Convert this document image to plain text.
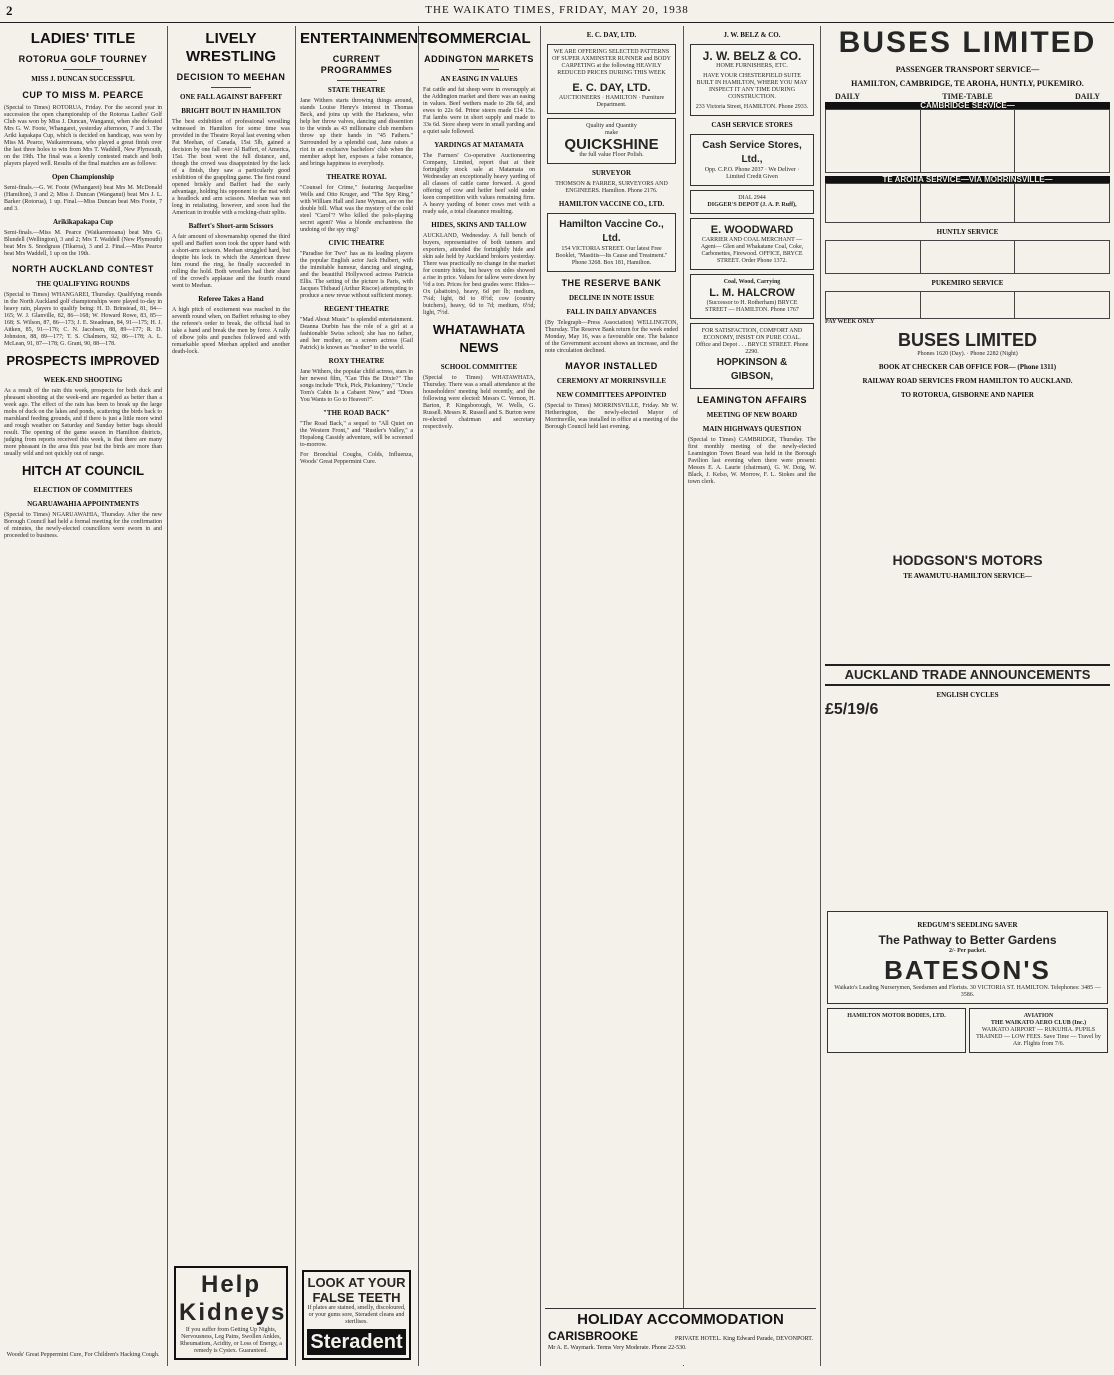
2	THE WAIKATO TIMES, FRIDAY, MAY 20, 1938
LADIES' TITLE
ROTORUA GOLF TOURNEY
MISS J. DUNCAN SUCCESSFUL
CUP TO MISS M. PEARCE
(Special to Times) ROTORUA, Friday. For the second year in succession the open championship of the Rotorua Ladies' Golf Club was won by Miss J. Duncan, Wanganui, when she defeated Mrs G. W. Foote, Whangarei, yesterday afternoon, 7 and 3. The Ariki kapakapa Cup, which is decided on handicap, was won by Miss M. Pearce, Waikaremoana, who played a great finish over the last three holes to win from Mrs T. Waddell, New Plymouth, on the 19th. The final was a keenly contested match and both players played well. Results of the final matches are as follows:
Open Championship
Semi-finals.—G. W. Foote (Whangarei) beat Mrs M. McDonald (Hamilton), 3 and 2; Miss J. Duncan (Wanganui) beat Mrs J. L. Barker (Rotorua), 1 up. Final.—Miss Duncan beat Mrs Foote, 7 and 3.
Arikikapakapa Cup
Semi-finals.—Miss M. Pearce (Waikaremoana) beat Mrs G. Blundell (Wellington), 3 and 2; Mrs T. Waddell (New Plymouth) beat Mrs S. Snodgrass (Tikaroa), 3 and 2. Final.—Miss Pearce beat Mrs Waddell, 1 up on the 19th.
NORTH AUCKLAND CONTEST
THE QUALIFYING ROUNDS
(Special to Times) WHANGAREI, Thursday. Qualifying rounds in the North Auckland golf championships were played to-day in heavy rain, players to qualify being: H. D. Brinstead, 81, 84—165; W. J. Glanville, 82, 86—168; W. Howard Rowe, 83, 85—168; S. Wilson, 87, 86—173; J. E. Steadman, 84, 91—175; H. J. Aitken, 85, 91—176; C. N. Jacobsen, 88, 89—177; R. D. Johnston, 88, 89—177; T. S. Chalmers, 92, 86—178; A. L. McLean, 91, 87—178; G. Grant, 90, 88—178.
PROSPECTS IMPROVED
WEEK-END SHOOTING
As a result of the rain this week, prospects for both duck and pheasant shooting at the week-end are regarded as better than a week ago. The effect of the rain has been to break up the large mobs of duck on the lakes and ponds, scattering the birds back to marshland feeding grounds, and if there is just a little more wind and rough weather on Saturday and Sunday better bags should result. The opening of the game season in Hamilton districts, judging from reports received this week, is that there are many more pheasant in the area this year but the birds are more than usually wild and not quickly out of range.
HITCH AT COUNCIL
ELECTION OF COMMITTEES
NGARUAWAHIA APPOINTMENTS
(Special to Times) NGARUAWAHIA, Thursday. After the new Borough Council had held a formal meeting for the confirmation of minutes, the newly-elected councillors were sworn in and proceeded to business.
Woods' Great Peppermint Cure, For Children's Hacking Cough.
LIVELY WRESTLING
DECISION TO MEEHAN
ONE FALL AGAINST BAFFERT
BRIGHT BOUT IN HAMILTON
The best exhibition of professional wrestling witnessed in Hamilton for some time was provided in the Theatre Royal last evening when Pat Meehan, of Canada, 15st 5lb, gained a decision by one fall over Al Baffert, of America, 15st. The bout went the full distance, and, though the crowd was disappointed by the lack of a finish, they saw a particularly good exhibition of the grappling game. The first round opened briskly and Baffert had the early advantage, holding his opponent to the mat with a headlock and arm scissors. Meehan was not long in retaliating, however, and soon had the American in trouble with a rocking-chair splits.
Baffert's Short-arm Scissors
A fair amount of showmanship opened the third spell and Baffert soon took the upper hand with a short-arm scissors. Meehan struggled hard, but despite his lock in which the American threw him round the ring, he finally succeeded in rolling the hold. Both wrestlers had their share of the crowd's applause and the fourth round went to Meehan.
Referee Takes a Hand
A high pitch of excitement was reached in the seventh round when, on Baffert refusing to obey the referee's order to break, the official had to take a hand and break the men by force. A rally of elbow jolts and punches followed and with remarkable speed Meehan applied and another death-lock.
Help Kidneys
If you suffer from Getting Up Nights, Nervousness, Leg Pains, Swollen Ankles, Rheumatism, Acidity, or Loss of Energy, a remedy is Cystex. Guaranteed.
ENTERTAINMENTS
CURRENT PROGRAMMES
STATE THEATRE
Jane Withers starts throwing things around, stands Louise Henry's interest in Thomas Beck, and joins up with the Harkness, who help her throw valves, dancing and dissention to the winds as 43 millionaire club members throw up their hands in "45 Fathers." Surrounded by a splendid cast, Jane raises a riot in an exclusive bachelors' club when the member adopt her, exposes a false romance, and brings happiness to everybody.
THEATRE ROYAL
"Counsel for Crime," featuring Jacqueline Wells and Otto Kruger, and "The Spy Ring," with William Hall and Jane Wyman, are on the double bill. What was the mystery of the cold steel "Carol"? Who killed the polo-playing secret agent? Was a blonde enchantress the undoing of the spy ring?
CIVIC THEATRE
"Paradise for Two" has as its leading players the popular English actor Jack Hulbert, with the inimitable humour, dancing and singing, and the beautiful Hollywood actress Patricia Ellis. The setting of the picture is Paris, with Jacques Thibaud (Arthur Riscoe) attempting to produce a new revue without sufficient money.
REGENT THEATRE
"Mad About Music" is splendid entertainment. Deanna Durbin has the role of a girl at a fashionable Swiss school; she has no father, and her mother, on a screen actress (Gail Patrick) is known as "mother" to the world.
ROXY THEATRE
Jane Withers, the popular child actress, stars in her newest film, "Can This Be Dixie?" The songs include "Pick, Pick, Pickaninny," "Uncle Tom's Cabin Is a Cabaret Now," and "Does You Wants to Go to Heaven?".
"THE ROAD BACK"
"The Road Back," a sequel to "All Quiet on the Western Front," and "Rustler's Valley," a Hopalong Cassidy adventure, will be screened to-morrow.
For Bronchial Coughs, Colds, Influenza, Woods' Great Peppermint Cure.
LOOK AT YOUR FALSE TEETH
If plates are stained, smelly, discoloured, or your gums sore, Steradent cleans and sterilises.
Steradent
COMMERCIAL
ADDINGTON MARKETS
AN EASING IN VALUES
Fat cattle and fat sheep were in oversupply at the Addington market and there was an easing in values. Beef wethers made to 28s 6d, and ewes to 22s 6d. Prime steers made £14 15s. Fat lambs were in short supply and made to 33s 6d. Store sheep were in small yarding and a quiet sale followed.
YARDINGS AT MATAMATA
The Farmers' Co-operative Auctioneering Company, Limited, report that at their fortnightly stock sale at Matamata on Wednesday an exceptionally heavy yarding of all classes of cattle came forward. A good offering of cow and heifer beef sold under keen competition with values remaining firm. A heavy yarding of boner cows met with a ready sale, a total clearance resulting.
HIDES, SKINS AND TALLOW
AUCKLAND, Wednesday. A full bench of buyers, representative of both tanners and exporters, attended the fortnightly hide and skin sale held by Auckland brokers yesterday. There was practically no change in the market for country hides, but heavy ox sides showed a rise in price. Values for tallow were down by ½d a ton. Prices for best grades were: Hides—Ox (abattoirs), heavy, 6d per lb; medium, 7¼d; light, 8d to 8½d; cow (country butchers), heavy, 6d to 7d; medium, 6½d; light, 7½d.
WHATAWHATA NEWS
SCHOOL COMMITTEE
(Special to Times) WHATAWHATA, Thursday. There was a small attendance at the householders' meeting held recently, and the following were elected: Messrs C. Vernon, H. Barton, P. Kingsborough, W. Wells, G. Russell. Messrs R. Russell and S. Burton were re-elected chairman and secretary respectively.
E. C. DAY, LTD.
WE ARE OFFERING SELECTED PATTERNS OF SUPER AXMINSTER RUNNER and BODY CARPETING at the following HEAVILY REDUCED PRICES DURING THIS WEEK
E. C. DAY, LTD.
AUCTIONEERS · HAMILTON · Furniture Department.
Quality and Quantity
make
QUICKSHINE
the full value Floor Polish.
SURVEYOR
THOMSON & FARRER, SURVEYORS AND ENGINEERS. Hamilton. Phone 2176.
HAMILTON VACCINE CO., LTD.
Hamilton Vaccine Co., Ltd.
154 VICTORIA STREET. Our latest Free Booklet, "Mastitis—Its Cause and Treatment." Phone 3268. Box 181, Hamilton.
THE RESERVE BANK
DECLINE IN NOTE ISSUE
FALL IN DAILY ADVANCES
(By Telegraph—Press Association) WELLINGTON, Thursday. The Reserve Bank return for the week ended Monday, May 16, was a favourable one. The balance of the Government account shows an increase, and the note circulation declined.
MAYOR INSTALLED
CEREMONY AT MORRINSVILLE
NEW COMMITTEES APPOINTED
(Special to Times) MORRINSVILLE, Friday. Mr W. Hetherington, the newly-elected Mayor of Morrinsville, was installed in office at a meeting of the Borough Council held last evening.
J. W. BELZ & CO.
J. W. BELZ & CO.
HOME FURNISHERS, ETC.
HAVE YOUR CHESTERFIELD SUITE BUILT IN HAMILTON, WHERE YOU MAY INSPECT IT ANY TIME DURING CONSTRUCTION.
233 Victoria Street, HAMILTON. Phone 2933.
CASH SERVICE STORES
Cash Service Stores, Ltd.,
Opp. C.P.O. Phone 2037 · We Deliver · Limited Credit Given
DIAL 2944
DIGGER'S DEPOT (J. A. P. Ruff),
E. WOODWARD
CARRIER AND COAL MERCHANT —Agent— Glen and Whakatane Coal, Coke, Carbonettes, Firewood. OFFICE, BRYCE STREET. Order Phone 1372.
Coal, Wood, Carrying
L. M. HALCROW
(Successor to H. Rotherham) BRYCE STREET — HAMILTON. Phone 1767
FOR SATISFACTION, COMFORT AND ECONOMY, INSIST ON PURE COAL. Office and Depot . . . BRYCE STREET. Phone 2290.
HOPKINSON & GIBSON,
LEAMINGTON AFFAIRS
MEETING OF NEW BOARD
MAIN HIGHWAYS QUESTION
(Special to Times) CAMBRIDGE, Thursday. The first monthly meeting of the newly-elected Leamington Town Board was held in the Borough Pavilion last evening when there were present: Messrs E. A. Laurie (chairman), G. W. Doig, W. Black, J. Kelso, W. Morrow, F. L. Stokes and the town clerk.
HOLIDAY ACCOMMODATION
CARISBROOKE	PRIVATE HOTEL. King Edward Parade, DEVONPORT.
Mr A. E. Waymark. Terms Very Moderate. Phone 22-530.
BUSES LIMITED
PASSENGER TRANSPORT SERVICE—
HAMILTON, CAMBRIDGE, TE AROHA, HUNTLY, PUKEMIRO.
DAILY	TIME-TABLE	DAILY
CAMBRIDGE SERVICE—

TE AROHA SERVICE—VIA MORRINSVILLE—

HUNTLY SERVICE

PUKEMIRO SERVICE

PAY WEEK ONLY
BUSES LIMITED
Phones 1620 (Day). · Phone 2282 (Night)
BOOK AT CHECKER CAB OFFICE FOR— (Phone 1311)
RAILWAY ROAD SERVICES FROM HAMILTON TO AUCKLAND.
TO ROTORUA, GISBORNE AND NAPIER
HODGSON'S MOTORS
TE AWAMUTU-HAMILTON SERVICE—
AUCKLAND TRADE ANNOUNCEMENTS
ENGLISH CYCLES
£5/19/6
REDGUM'S SEEDLING SAVER
The Pathway to Better Gardens
2/- Per packet.
BATESON'S
Waikato's Leading Nurserymen, Seedsmen and Florists. 30 VICTORIA ST. HAMILTON. Telephones: 3485 — 3586.
HAMILTON MOTOR BODIES, LTD.	AVIATION
THE WAIKATO AERO CLUB (Inc.)
WAIKATO AIRPORT — RUKUHIA. PUPILS TRAINED — LOW FEES. Save Time — Travel by Air. Flights from 7/6.
